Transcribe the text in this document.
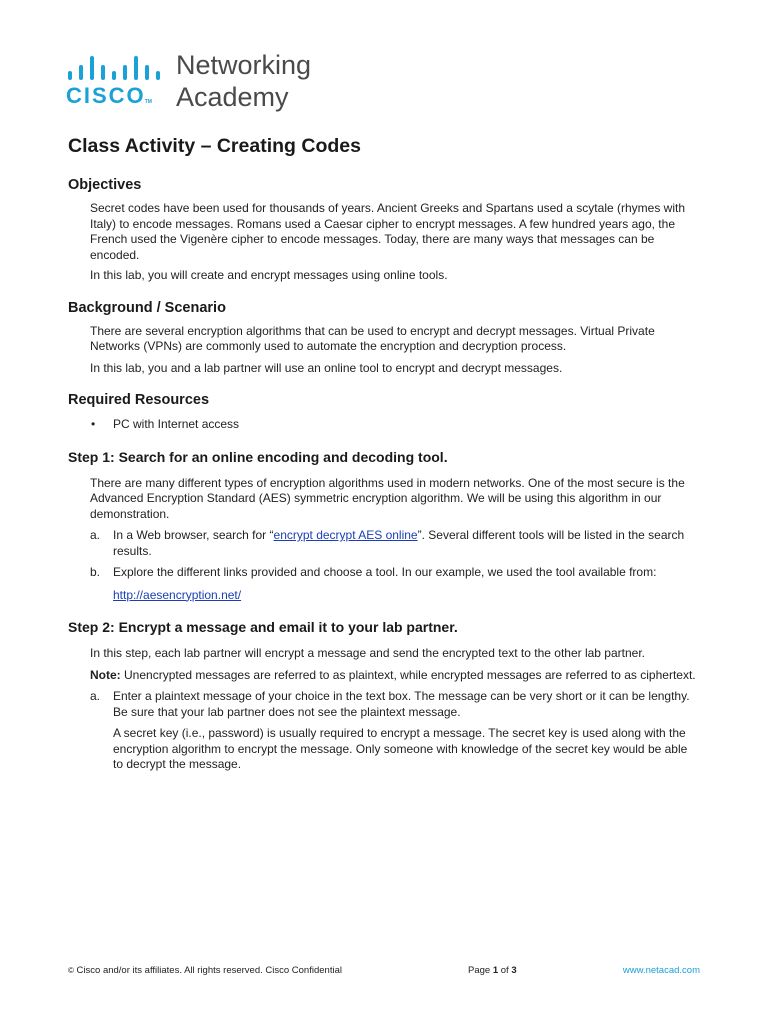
CISCOTM
Networking
Academy
Class Activity – Creating Codes
Objectives

Secret codes have been used for thousands of years. Ancient Greeks and Spartans used a scytale (rhymes with Italy) to encode messages. Romans used a Caesar cipher to encrypt messages. A few hundred years ago, the French used the Vigenère cipher to encode messages. Today, there are many ways that messages can be encoded.

In this lab, you will create and encrypt messages using online tools.

Background / Scenario

There are several encryption algorithms that can be used to encrypt and decrypt messages. Virtual Private Networks (VPNs) are commonly used to automate the encryption and decryption process.

In this lab, you and a lab partner will use an online tool to encrypt and decrypt messages.

Required Resources
• PC with Internet access

Step 1: Search for an online encoding and decoding tool.

There are many different types of encryption algorithms used in modern networks. One of the most secure is the Advanced Encryption Standard (AES) symmetric encryption algorithm. We will be using this algorithm in our demonstration.

a. In a Web browser, search for “encrypt decrypt AES online”. Several different tools will be listed in the search results.

b. Explore the different links provided and choose a tool. In our example, we used the tool available from:

http://aesencryption.net/

Step 2: Encrypt a message and email it to your lab partner.

In this step, each lab partner will encrypt a message and send the encrypted text to the other lab partner.

Note: Unencrypted messages are referred to as plaintext, while encrypted messages are referred to as ciphertext.

a. Enter a plaintext message of your choice in the text box. The message can be very short or it can be lengthy. Be sure that your lab partner does not see the plaintext message.

A secret key (i.e., password) is usually required to encrypt a message. The secret key is used along with the encryption algorithm to encrypt the message. Only someone with knowledge of the secret key would be able to decrypt the message.

© Cisco and/or its affiliates. All rights reserved. Cisco Confidential	Page 1 of 3	www.netacad.com
